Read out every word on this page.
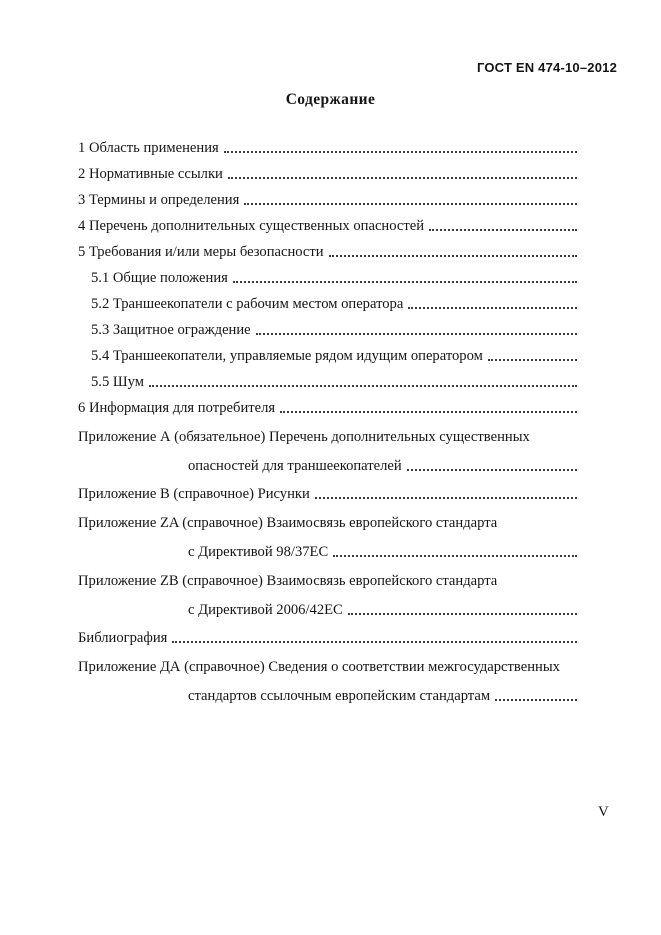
ГОСТ EN 474-10–2012
Содержание
1 Область применения
2 Нормативные ссылки
3 Термины и определения
4 Перечень дополнительных существенных опасностей
5 Требования и/или меры безопасности
5.1 Общие положения
5.2 Траншеекопатели с рабочим местом оператора
5.3 Защитное ограждение
5.4 Траншеекопатели, управляемые рядом идущим оператором
5.5 Шум
6 Информация для потребителя
Приложение А (обязательное) Перечень дополнительных существенных
опасностей для траншеекопателей
Приложение В (справочное) Рисунки
Приложение ZA (справочное) Взаимосвязь европейского стандарта
с Директивой 98/37ЕС
Приложение ZB (справочное) Взаимосвязь европейского стандарта
с Директивой 2006/42ЕС
Библиография
Приложение ДА (справочное) Сведения о соответствии межгосударственных
стандартов ссылочным европейским стандартам
V
